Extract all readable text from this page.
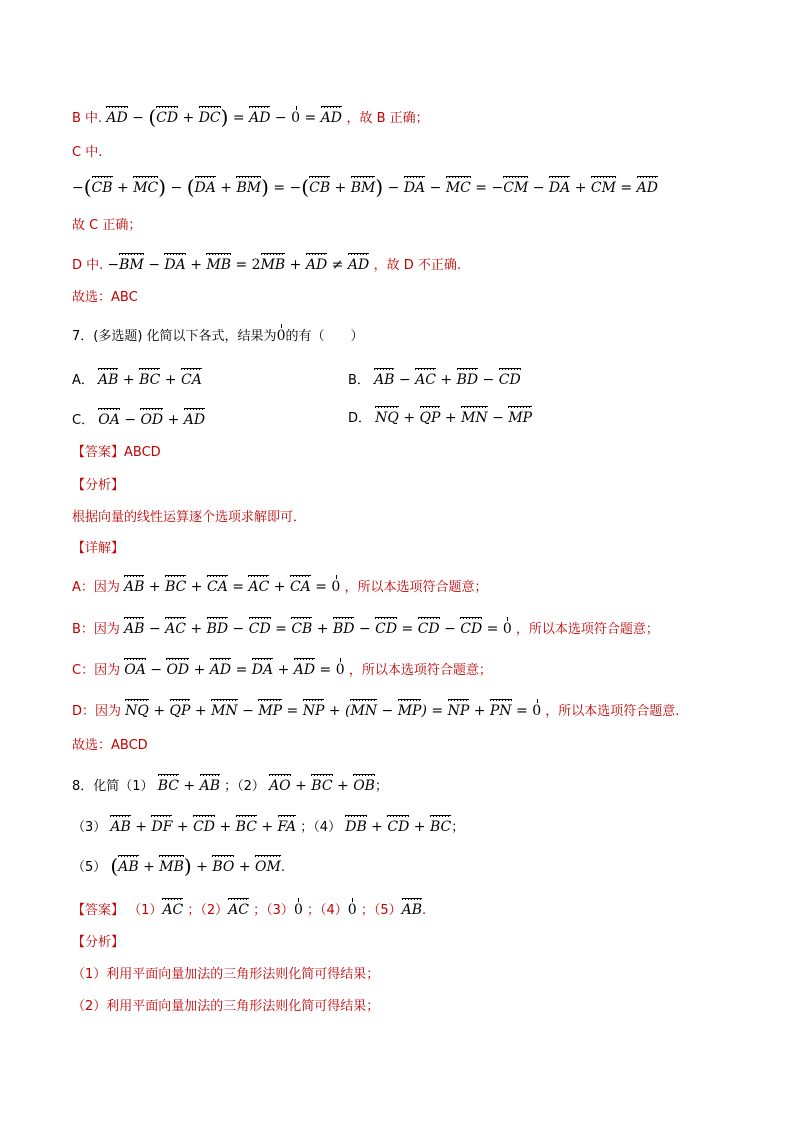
B 中. AD − (CD + DC) = AD − 0 = AD ，故 B 正确；
C 中.
−(CB + MC) − (DA + BM) = −(CB + BM) − DA − MC = −CM − DA + CM = AD
故 C 正确；
D 中. −BM − DA + MB = 2MB + AD ≠ AD ，故 D 不正确.
故选：ABC
7．(多选题) 化简以下各式，结果为0的有（　　）
A． AB + BC + CA	B． AB − AC + BD − CD
C． OA − OD + AD	D． NQ + QP + MN − MP
【答案】ABCD
【分析】
根据向量的线性运算逐个选项求解即可．
【详解】
A：因为 AB + BC + CA = AC + CA = 0 ，所以本选项符合题意；
B：因为 AB − AC + BD − CD = CB + BD − CD = CD − CD = 0 ，所以本选项符合题意；
C：因为 OA − OD + AD = DA + AD = 0 ，所以本选项符合题意；
D：因为 NQ + QP + MN − MP = NP + (MN − MP) = NP + PN = 0 ，所以本选项符合题意.
故选：ABCD
8．化简（1） BC + AB ；（2） AO + BC + OB；
（3） AB + DF + CD + BC + FA ；（4） DB + CD + BC；
（5） (AB + MB) + BO + OM.
【答案】 （1）AC ；（2）AC ；（3）0 ；（4）0 ；（5）AB.
【分析】
（1）利用平面向量加法的三角形法则化简可得结果；
（2）利用平面向量加法的三角形法则化简可得结果；
